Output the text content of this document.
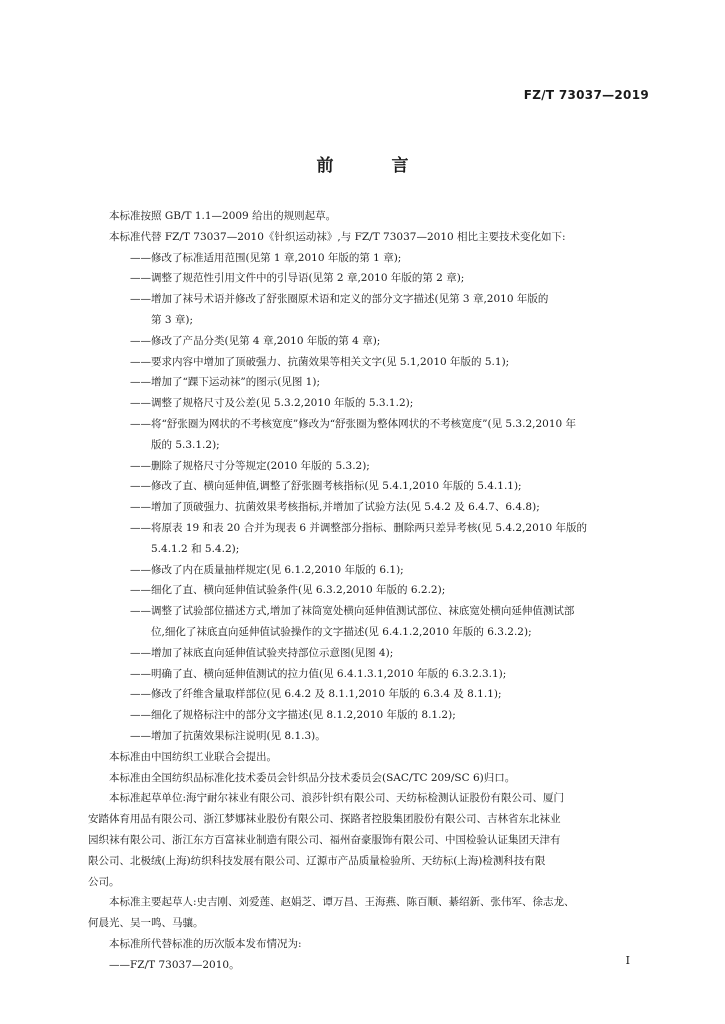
FZ/T 73037—2019
前 言
本标准按照 GB/T 1.1—2009 给出的规则起草。
本标准代替 FZ/T 73037—2010《针织运动袜》,与 FZ/T 73037—2010 相比主要技术变化如下:
——修改了标准适用范围(见第 1 章,2010 年版的第 1 章);
——调整了规范性引用文件中的引导语(见第 2 章,2010 年版的第 2 章);
——增加了袜号术语并修改了舒张圈原术语和定义的部分文字描述(见第 3 章,2010 年版的
第 3 章);
——修改了产品分类(见第 4 章,2010 年版的第 4 章);
——要求内容中增加了顶破强力、抗菌效果等相关文字(见 5.1,2010 年版的 5.1);
——增加了“踝下运动袜”的图示(见图 1);
——调整了规格尺寸及公差(见 5.3.2,2010 年版的 5.3.1.2);
——将“舒张圈为网状的不考核宽度”修改为“舒张圈为整体网状的不考核宽度”(见 5.3.2,2010 年
版的 5.3.1.2);
——删除了规格尺寸分等规定(2010 年版的 5.3.2);
——修改了直、横向延伸值,调整了舒张圈考核指标(见 5.4.1,2010 年版的 5.4.1.1);
——增加了顶破强力、抗菌效果考核指标,并增加了试验方法(见 5.4.2 及 6.4.7、6.4.8);
——将原表 19 和表 20 合并为现表 6 并调整部分指标、删除两只差异考核(见 5.4.2,2010 年版的
5.4.1.2 和 5.4.2);
——修改了内在质量抽样规定(见 6.1.2,2010 年版的 6.1);
——细化了直、横向延伸值试验条件(见 6.3.2,2010 年版的 6.2.2);
——调整了试验部位描述方式,增加了袜筒宽处横向延伸值测试部位、袜底宽处横向延伸值测试部
位,细化了袜底直向延伸值试验操作的文字描述(见 6.4.1.2,2010 年版的 6.3.2.2);
——增加了袜底直向延伸值试验夹持部位示意图(见图 4);
——明确了直、横向延伸值测试的拉力值(见 6.4.1.3.1,2010 年版的 6.3.2.3.1);
——修改了纤维含量取样部位(见 6.4.2 及 8.1.1,2010 年版的 6.3.4 及 8.1.1);
——细化了规格标注中的部分文字描述(见 8.1.2,2010 年版的 8.1.2);
——增加了抗菌效果标注说明(见 8.1.3)。
本标准由中国纺织工业联合会提出。
本标准由全国纺织品标准化技术委员会针织品分技术委员会(SAC/TC 209/SC 6)归口。
本标准起草单位:海宁耐尔袜业有限公司、浪莎针织有限公司、天纺标检测认证股份有限公司、厦门
安踏体育用品有限公司、浙江梦娜袜业股份有限公司、探路者控股集团股份有限公司、吉林省东北袜业
园织袜有限公司、浙江东方百富袜业制造有限公司、福州奋豪服饰有限公司、中国检验认证集团天津有
限公司、北极绒(上海)纺织科技发展有限公司、辽源市产品质量检验所、天纺标(上海)检测科技有限
公司。
本标准主要起草人:史吉刚、刘爱莲、赵娟芝、谭万昌、王海燕、陈百顺、綦绍新、张伟军、徐志龙、
何晨光、吴一鸣、马骧。
本标准所代替标准的历次版本发布情况为:
——FZ/T 73037—2010。	I
